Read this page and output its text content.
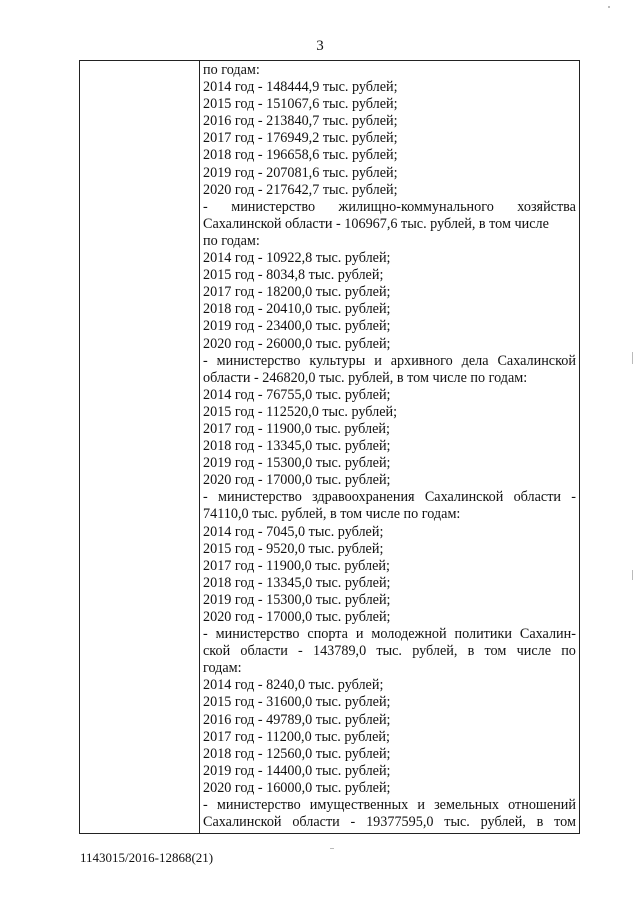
3
по годам:
2014 год - 148444,9 тыс. рублей;
2015 год - 151067,6 тыс. рублей;
2016 год - 213840,7 тыс. рублей;
2017 год - 176949,2 тыс. рублей;
2018 год - 196658,6 тыс. рублей;
2019 год - 207081,6 тыс. рублей;
2020 год - 217642,7 тыс. рублей;
- министерство жилищно-коммунального хозяйства
Сахалинской области - 106967,6 тыс. рублей, в том числе
по годам:
2014 год - 10922,8 тыс. рублей;
2015 год - 8034,8 тыс. рублей;
2017 год - 18200,0 тыс. рублей;
2018 год - 20410,0 тыс. рублей;
2019 год - 23400,0 тыс. рублей;
2020 год - 26000,0 тыс. рублей;
- министерство культуры и архивного дела Сахалинской
области - 246820,0 тыс. рублей, в том числе по годам:
2014 год - 76755,0 тыс. рублей;
2015 год - 112520,0 тыс. рублей;
2017 год - 11900,0 тыс. рублей;
2018 год - 13345,0 тыс. рублей;
2019 год - 15300,0 тыс. рублей;
2020 год - 17000,0 тыс. рублей;
- министерство здравоохранения Сахалинской области -
74110,0 тыс. рублей, в том числе по годам:
2014 год - 7045,0 тыс. рублей;
2015 год - 9520,0 тыс. рублей;
2017 год - 11900,0 тыс. рублей;
2018 год - 13345,0 тыс. рублей;
2019 год - 15300,0 тыс. рублей;
2020 год - 17000,0 тыс. рублей;
- министерство спорта и молодежной политики Сахалин-
ской области - 143789,0 тыс. рублей, в том числе по
годам:
2014 год - 8240,0 тыс. рублей;
2015 год - 31600,0 тыс. рублей;
2016 год - 49789,0 тыс. рублей;
2017 год - 11200,0 тыс. рублей;
2018 год - 12560,0 тыс. рублей;
2019 год - 14400,0 тыс. рублей;
2020 год - 16000,0 тыс. рублей;
- министерство имущественных и земельных отношений
Сахалинской области - 19377595,0 тыс. рублей, в том
1143015/2016-12868(21)
